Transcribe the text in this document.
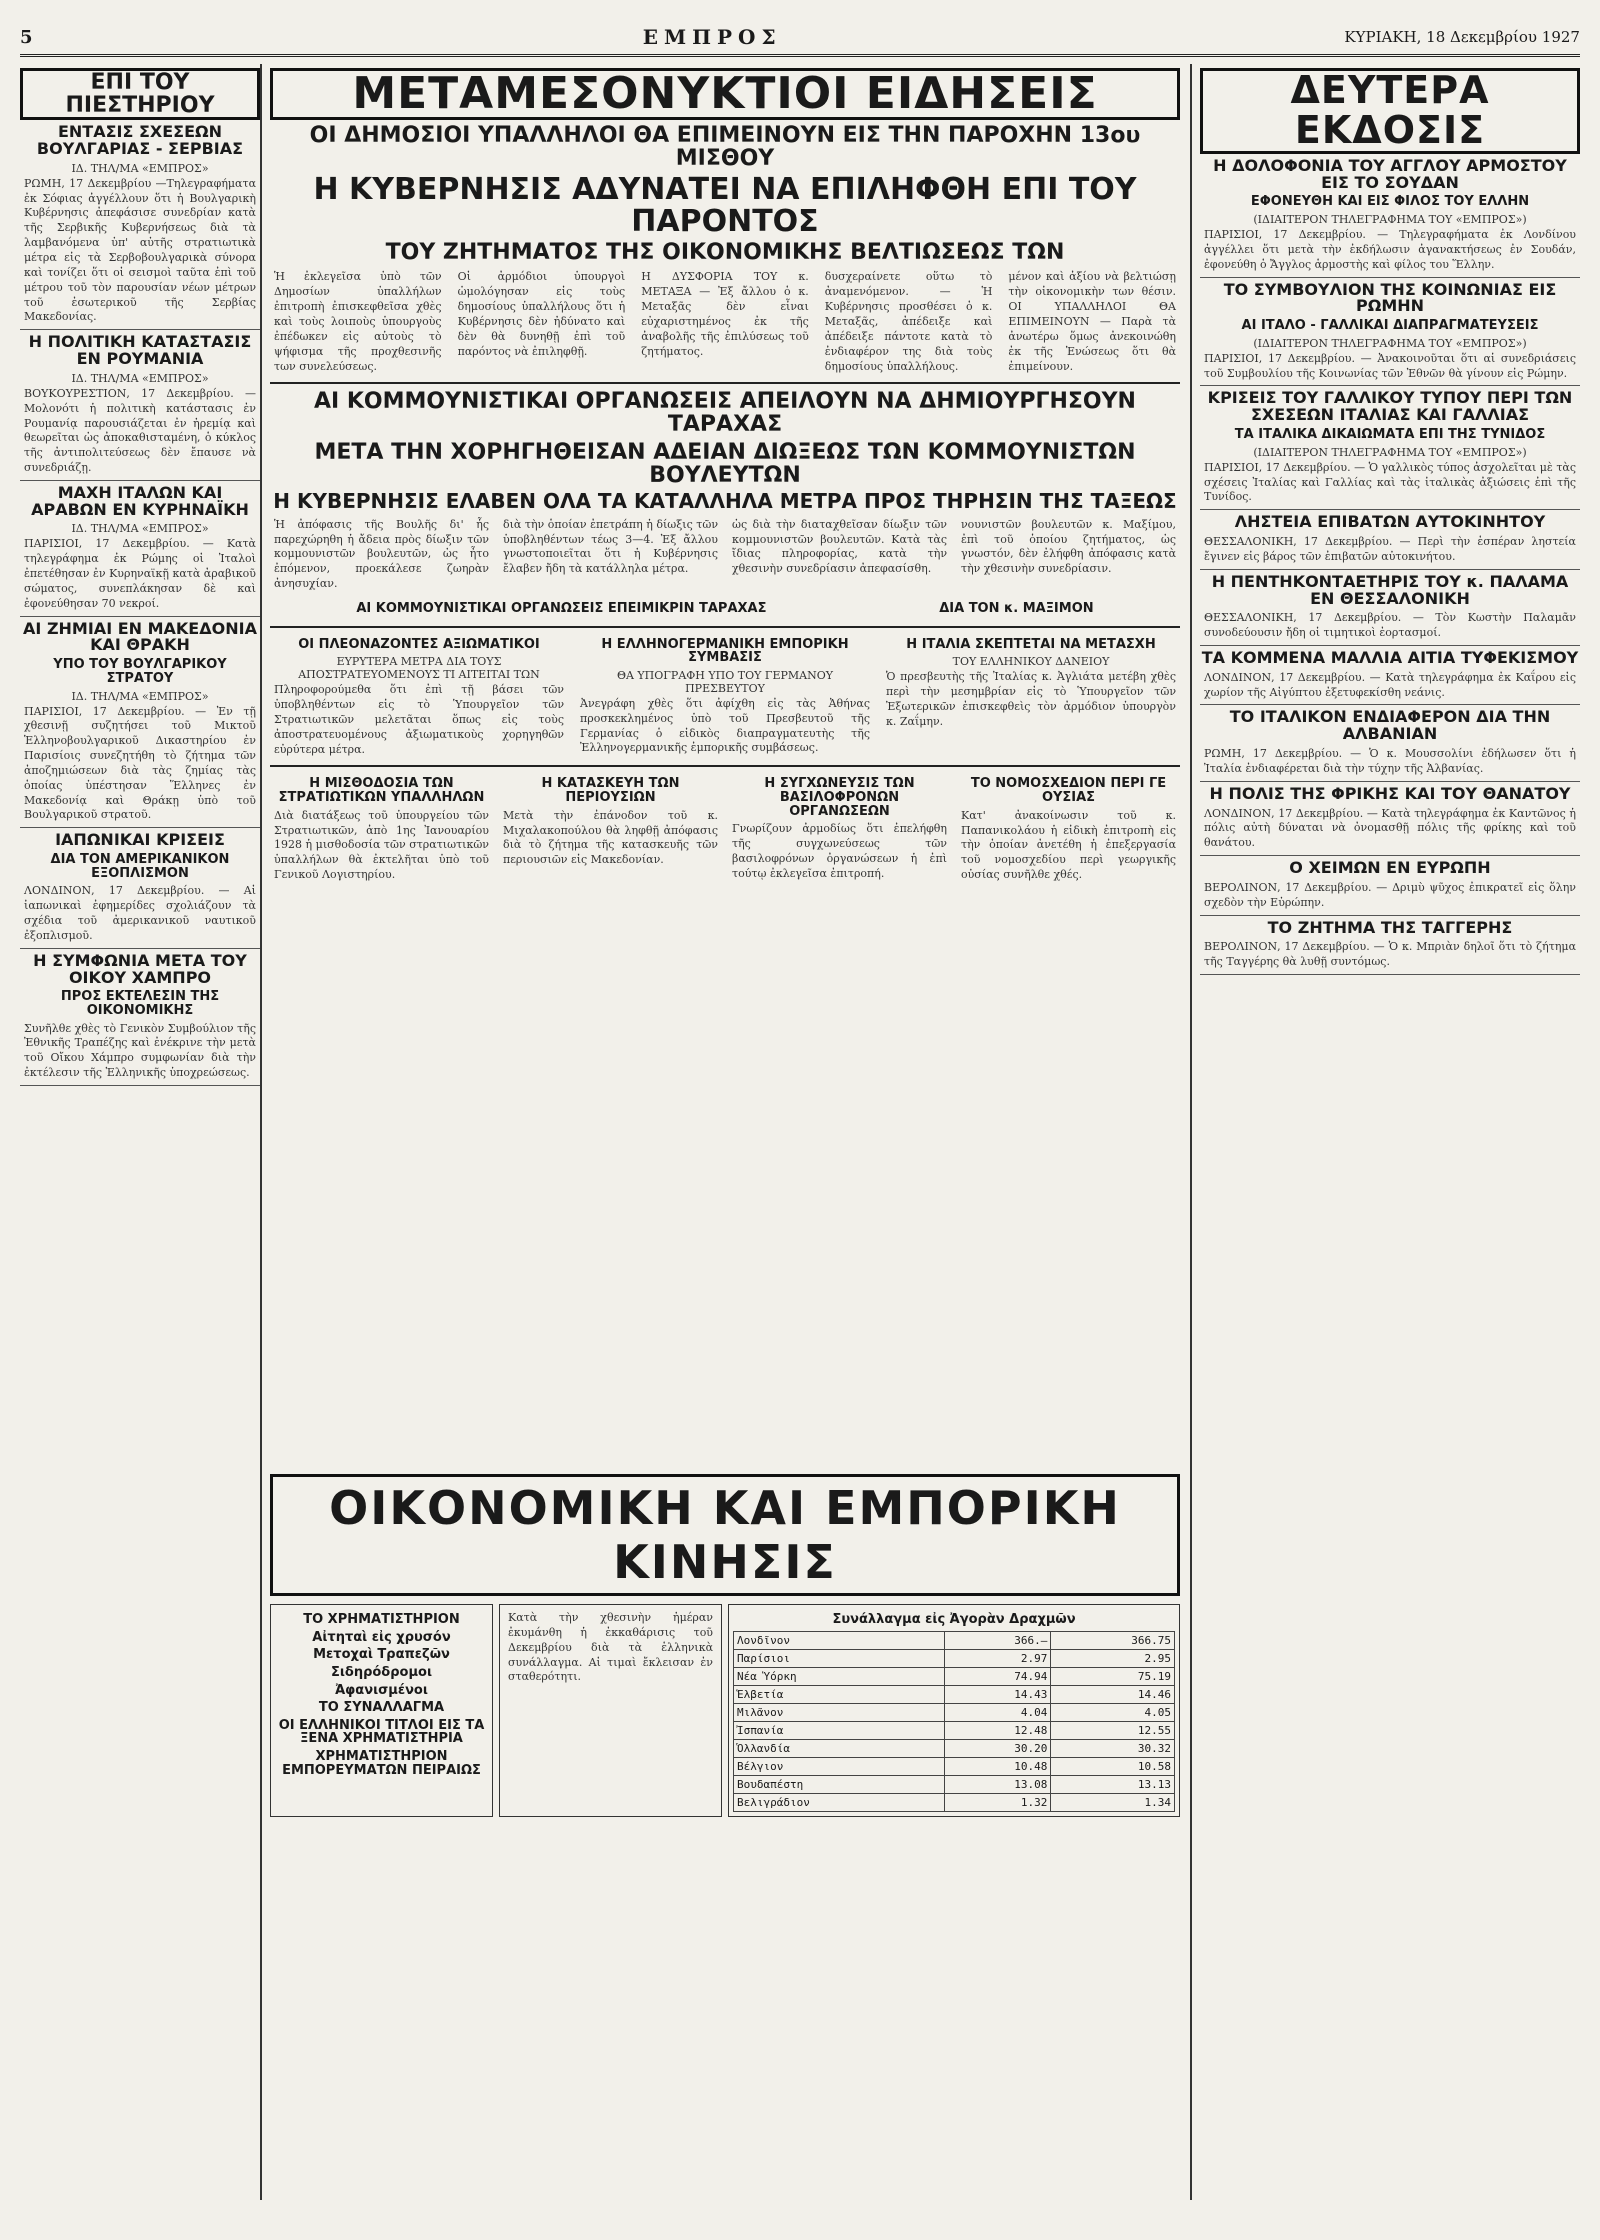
5	ΕΜΠΡΟΣ	ΚΥΡΙΑΚΗ, 18 Δεκεμβρίου 1927
ΕΠΙ ΤΟΥ ΠΙΕΣΤΗΡΙΟΥ
ΕΝΤΑΣΙΣ ΣΧΕΣΕΩΝ ΒΟΥΛΓΑΡΙΑΣ - ΣΕΡΒΙΑΣ
ΙΔ. ΤΗΛ/ΜΑ «ΕΜΠΡΟΣ»
ΡΩΜΗ, 17 Δεκεμβρίου —Τηλεγραφήματα ἐκ Σόφιας ἀγγέλλουν ὅτι ἡ Βουλγαρικὴ Κυβέρνησις ἀπεφάσισε συνεδρίαν κατὰ τῆς Σερβικῆς Κυβερνήσεως διὰ τὰ λαμβανόμενα ὑπ' αὐτῆς στρατιωτικὰ μέτρα εἰς τὰ Σερβοβουλγαρικὰ σύνορα καὶ τονίζει ὅτι οἱ σεισμοὶ ταῦτα ἐπὶ τοῦ μέτρου τοῦ τὸν παρουσίαν νέων μέτρων τοῦ ἐσωτερικοῦ τῆς Σερβίας Μακεδονίας.
Η ΠΟΛΙΤΙΚΗ ΚΑΤΑΣΤΑΣΙΣ ΕΝ ΡΟΥΜΑΝΙΑ
ΙΔ. ΤΗΛ/ΜΑ «ΕΜΠΡΟΣ»
ΒΟΥΚΟΥΡΕΣΤΙΟΝ, 17 Δεκεμβρίου. — Μολονότι ἡ πολιτικὴ κατάστασις ἐν Ρουμανίᾳ παρουσιάζεται ἐν ἡρεμίᾳ καὶ θεωρεῖται ὡς ἀποκαθισταμένη, ὁ κύκλος τῆς ἀντιπολιτεύσεως δὲν ἔπαυσε νὰ συνεδριάζῃ.
ΜΑΧΗ ΙΤΑΛΩΝ ΚΑΙ ΑΡΑΒΩΝ ΕΝ ΚΥΡΗΝΑΪΚΗ
ΙΔ. ΤΗΛ/ΜΑ «ΕΜΠΡΟΣ»
ΠΑΡΙΣΙΟΙ, 17 Δεκεμβρίου. — Κατὰ τηλεγράφημα ἐκ Ρώμης οἱ Ἰταλοὶ ἐπετέθησαν ἐν Κυρηναϊκῇ κατὰ ἀραβικοῦ σώματος, συνεπλάκησαν δὲ καὶ ἐφονεύθησαν 70 νεκροί.
ΑΙ ΖΗΜΙΑΙ ΕΝ ΜΑΚΕΔΟΝΙΑ ΚΑΙ ΘΡΑΚΗ
ΥΠΟ ΤΟΥ ΒΟΥΛΓΑΡΙΚΟΥ ΣΤΡΑΤΟΥ
ΙΔ. ΤΗΛ/ΜΑ «ΕΜΠΡΟΣ»
ΠΑΡΙΣΙΟΙ, 17 Δεκεμβρίου. — Ἐν τῇ χθεσινῇ συζητήσει τοῦ Μικτοῦ Ἑλληνοβουλγαρικοῦ Δικαστηρίου ἐν Παρισίοις συνεζητήθη τὸ ζήτημα τῶν ἀποζημιώσεων διὰ τὰς ζημίας τὰς ὁποίας ὑπέστησαν Ἕλληνες ἐν Μακεδονίᾳ καὶ Θράκῃ ὑπὸ τοῦ Βουλγαρικοῦ στρατοῦ.
ΙΑΠΩΝΙΚΑΙ ΚΡΙΣΕΙΣ
ΔΙΑ ΤΟΝ ΑΜΕΡΙΚΑΝΙΚΟΝ ΕΞΟΠΛΙΣΜΟΝ
ΛΟΝΔΙΝΟΝ, 17 Δεκεμβρίου. — Αἱ ἰαπωνικαὶ ἐφημερίδες σχολιάζουν τὰ σχέδια τοῦ ἀμερικανικοῦ ναυτικοῦ ἐξοπλισμοῦ.
Η ΣΥΜΦΩΝΙΑ ΜΕΤΑ ΤΟΥ ΟΙΚΟΥ ΧΑΜΠΡΟ
ΠΡΟΣ ΕΚΤΕΛΕΣΙΝ ΤΗΣ ΟΙΚΟΝΟΜΙΚΗΣ
Συνῆλθε χθὲς τὸ Γενικὸν Συμβούλιον τῆς Ἐθνικῆς Τραπέζης καὶ ἐνέκρινε τὴν μετὰ τοῦ Οἴκου Χάμπρο συμφωνίαν διὰ τὴν ἐκτέλεσιν τῆς Ἑλληνικῆς ὑποχρεώσεως.
ΜΕΤΑΜΕΣΟΝΥΚΤΙΟΙ ΕΙΔΗΣΕΙΣ
ΟΙ ΔΗΜΟΣΙΟΙ ΥΠΑΛΛΗΛΟΙ ΘΑ ΕΠΙΜΕΙΝΟΥΝ ΕΙΣ ΤΗΝ ΠΑΡΟΧΗΝ 13ου ΜΙΣΘΟΥ
Η ΚΥΒΕΡΝΗΣΙΣ ΑΔΥΝΑΤΕΙ ΝΑ ΕΠΙΛΗΦΘΗ ΕΠΙ ΤΟΥ ΠΑΡΟΝΤΟΣ
ΤΟΥ ΖΗΤΗΜΑΤΟΣ ΤΗΣ ΟΙΚΟΝΟΜΙΚΗΣ ΒΕΛΤΙΩΣΕΩΣ ΤΩΝ
Ἡ ἐκλεγεῖσα ὑπὸ τῶν Δημοσίων ὑπαλλήλων ἐπιτροπὴ ἐπισκεφθεῖσα χθὲς καὶ τοὺς λοιποὺς ὑπουργοὺς ἐπέδωκεν εἰς αὐτοὺς τὸ ψήφισμα τῆς προχθεσινῆς των συνελεύσεως.
Οἱ ἀρμόδιοι ὑπουργοὶ ὡμολόγησαν εἰς τοὺς δημοσίους ὑπαλλήλους ὅτι ἡ Κυβέρνησις δὲν ἠδύνατο καὶ δὲν θὰ δυνηθῇ ἐπὶ τοῦ παρόντος νὰ ἐπιληφθῇ.
Η ΔΥΣΦΟΡΙΑ ΤΟΥ κ. ΜΕΤΑΞΑ — Ἐξ ἄλλου ὁ κ. Μεταξᾶς δὲν εἶναι εὐχαριστημένος ἐκ τῆς ἀναβολῆς τῆς ἐπιλύσεως τοῦ ζητήματος.
δυσχεραίνετε οὕτω τὸ ἀναμενόμενον. — Ἡ Κυβέρνησις προσθέσει ὁ κ. Μεταξᾶς, ἀπέδειξε καὶ ἀπέδειξε πάντοτε κατὰ τὸ ἐνδιαφέρον της διὰ τοὺς δημοσίους ὑπαλλήλους.
μένον καὶ ἀξίου νὰ βελτιώσῃ τὴν οἰκονομικὴν των θέσιν. ΟΙ ΥΠΑΛΛΗΛΟΙ ΘΑ ΕΠΙΜΕΙΝΟΥΝ — Παρὰ τὰ ἀνωτέρω ὅμως ἀνεκοινώθη ἐκ τῆς Ἑνώσεως ὅτι θὰ ἐπιμείνουν.
ΑΙ ΚΟΜΜΟΥΝΙΣΤΙΚΑΙ ΟΡΓΑΝΩΣΕΙΣ ΑΠΕΙΛΟΥΝ ΝΑ ΔΗΜΙΟΥΡΓΗΣΟΥΝ ΤΑΡΑΧΑΣ
ΜΕΤΑ ΤΗΝ ΧΟΡΗΓΗΘΕΙΣΑΝ ΑΔΕΙΑΝ ΔΙΩΞΕΩΣ ΤΩΝ ΚΟΜΜΟΥΝΙΣΤΩΝ ΒΟΥΛΕΥΤΩΝ
Η ΚΥΒΕΡΝΗΣΙΣ ΕΛΑΒΕΝ ΟΛΑ ΤΑ ΚΑΤΑΛΛΗΛΑ ΜΕΤΡΑ ΠΡΟΣ ΤΗΡΗΣΙΝ ΤΗΣ ΤΑΞΕΩΣ
Ἡ ἀπόφασις τῆς Βουλῆς δι' ἧς παρεχώρηθη ἡ ἄδεια πρὸς δίωξιν τῶν κομμουνιστῶν βουλευτῶν, ὡς ἦτο ἐπόμενον, προεκάλεσε ζωηρὰν ἀνησυχίαν.
διὰ τὴν ὁποίαν ἐπετράπη ἡ δίωξις τῶν ὑποβληθέντων τέως 3—4. Ἐξ ἄλλου γνωστοποιεῖται ὅτι ἡ Κυβέρνησις ἔλαβεν ἤδη τὰ κατάλληλα μέτρα.
ὡς διὰ τὴν διαταχθεῖσαν δίωξιν τῶν κομμουνιστῶν βουλευτῶν. Κατὰ τὰς ἴδιας πληροφορίας, κατὰ τὴν χθεσινὴν συνεδρίασιν ἀπεφασίσθη.
νουνιστῶν βουλευτῶν κ. Μαξίμου, ἐπὶ τοῦ ὁποίου ζητήματος, ὡς γνωστόν, δὲν ἐλήφθη ἀπόφασις κατὰ τὴν χθεσινὴν συνεδρίασιν.
ΑΙ ΚΟΜΜΟΥΝΙΣΤΙΚΑΙ ΟΡΓΑΝΩΣΕΙΣ ΕΠΕΙΜΙΚΡΙΝ ΤΑΡΑΧΑΣ	ΔΙΑ ΤΟΝ κ. ΜΑΞΙΜΟΝ
ΟΙ ΠΛΕΟΝΑΖΟΝΤΕΣ ΑΞΙΩΜΑΤΙΚΟΙ
ΕΥΡΥΤΕΡΑ ΜΕΤΡΑ ΔΙΑ ΤΟΥΣ ΑΠΟΣΤΡΑΤΕΥΟΜΕΝΟΥΣ ΤΙ ΑΙΤΕΙΤΑΙ ΤΩΝ
Πληροφορούμεθα ὅτι ἐπὶ τῇ βάσει τῶν ὑποβληθέντων εἰς τὸ Ὑπουργεῖον τῶν Στρατιωτικῶν μελετᾶται ὅπως εἰς τοὺς ἀποστρατευομένους ἀξιωματικοὺς χορηγηθῶν εὐρύτερα μέτρα.
Η ΕΛΛΗΝΟΓΕΡΜΑΝΙΚΗ ΕΜΠΟΡΙΚΗ ΣΥΜΒΑΣΙΣ
ΘΑ ΥΠΟΓΡΑΦΗ ΥΠΟ ΤΟΥ ΓΕΡΜΑΝΟΥ ΠΡΕΣΒΕΥΤΟΥ
Ἀνεγράφη χθὲς ὅτι ἀφίχθη εἰς τὰς Ἀθήνας προσκεκλημένος ὑπὸ τοῦ Πρεσβευτοῦ τῆς Γερμανίας ὁ εἰδικὸς διαπραγματευτὴς τῆς Ἐλληνογερμανικῆς ἐμπορικῆς συμβάσεως.
Η ΙΤΑΛΙΑ ΣΚΕΠΤΕΤΑΙ ΝΑ ΜΕΤΑΣΧΗ
ΤΟΥ ΕΛΛΗΝΙΚΟΥ ΔΑΝΕΙΟΥ
Ὁ πρεσβευτὴς τῆς Ἰταλίας κ. Ἀγλιάτα μετέβη χθὲς περὶ τὴν μεσημβρίαν εἰς τὸ Ὑπουργεῖον τῶν Ἐξωτερικῶν ἐπισκεφθεὶς τὸν ἀρμόδιον ὑπουργὸν κ. Ζαΐμην.
Η ΜΙΣΘΟΔΟΣΙΑ ΤΩΝ ΣΤΡΑΤΙΩΤΙΚΩΝ ΥΠΑΛΛΗΛΩΝ
Διὰ διατάξεως τοῦ ὑπουργείου τῶν Στρατιωτικῶν, ἀπὸ 1ης Ἰανουαρίου 1928 ἡ μισθοδοσία τῶν στρατιωτικῶν ὑπαλλήλων θὰ ἐκτελῆται ὑπὸ τοῦ Γενικοῦ Λογιστηρίου.
Η ΚΑΤΑΣΚΕΥΗ ΤΩΝ ΠΕΡΙΟΥΣΙΩΝ
Μετὰ τὴν ἐπάνοδον τοῦ κ. Μιχαλακοπούλου θὰ ληφθῇ ἀπόφασις διὰ τὸ ζήτημα τῆς κατασκευῆς τῶν περιουσιῶν εἰς Μακεδονίαν.
Η ΣΥΓΧΩΝΕΥΣΙΣ ΤΩΝ ΒΑΣΙΛΟΦΡΟΝΩΝ ΟΡΓΑΝΩΣΕΩΝ
Γνωρίζουν ἀρμοδίως ὅτι ἐπελήφθη τῆς συγχωνεύσεως τῶν βασιλοφρόνων ὀργανώσεων ἡ ἐπὶ τούτῳ ἐκλεγεῖσα ἐπιτροπή.
ΤΟ ΝΟΜΟΣΧΕΔΙΟΝ ΠΕΡΙ ΓΕ ΟΥΣΙΑΣ
Κατ' ἀνακοίνωσιν τοῦ κ. Παπανικολάου ἡ εἰδικὴ ἐπιτροπὴ εἰς τὴν ὁποίαν ἀνετέθη ἡ ἐπεξεργασία τοῦ νομοσχεδίου περὶ γεωργικῆς οὐσίας συνῆλθε χθές.
ΟΙΚΟΝΟΜΙΚΗ ΚΑΙ ΕΜΠΟΡΙΚΗ ΚΙΝΗΣΙΣ
ΤΟ ΧΡΗΜΑΤΙΣΤΗΡΙΟΝ
Αἰτηταὶ εἰς χρυσόν
Μετοχαὶ Τραπεζῶν
Σιδηρόδρομοι
Ἀφανισμένοι
ΤΟ ΣΥΝΑΛΛΑΓΜΑ
ΟΙ ΕΛΛΗΝΙΚΟΙ ΤΙΤΛΟΙ ΕΙΣ ΤΑ ΞΕΝΑ ΧΡΗΜΑΤΙΣΤΗΡΙΑ
ΧΡΗΜΑΤΙΣΤΗΡΙΟΝ ΕΜΠΟΡΕΥΜΑΤΩΝ ΠΕΙΡΑΙΩΣ
Κατὰ τὴν χθεσινὴν ἡμέραν ἐκυμάνθη ἡ ἐκκαθάρισις τοῦ Δεκεμβρίου διὰ τὰ ἑλληνικὰ συνάλλαγμα. Αἱ τιμαὶ ἔκλεισαν ἐν σταθερότητι.
Συνάλλαγμα εἰς Ἀγορὰν Δραχμῶν
Λονδῖνον	366.—	366.75
Παρίσιοι	2.97	2.95
Νέα Ὑόρκη	74.94	75.19
Ἑλβετία	14.43	14.46
Μιλᾶνον	4.04	4.05
Ἰσπανία	12.48	12.55
Ὁλλανδία	30.20	30.32
Βέλγιον	10.48	10.58
Βουδαπέστη	13.08	13.13
Βελιγράδιον	1.32	1.34
ΔΕΥΤΕΡΑ ΕΚΔΟΣΙΣ
Η ΔΟΛΟΦΟΝΙΑ ΤΟΥ ΑΓΓΛΟΥ ΑΡΜΟΣΤΟΥ ΕΙΣ ΤΟ ΣΟΥΔΑΝ
ΕΦΟΝΕΥΘΗ ΚΑΙ ΕΙΣ ΦΙΛΟΣ ΤΟΥ ΕΛΛΗΝ
(ΙΔΙΑΙΤΕΡΟΝ ΤΗΛΕΓΡΑΦΗΜΑ ΤΟΥ «ΕΜΠΡΟΣ»)
ΠΑΡΙΣΙΟΙ, 17 Δεκεμβρίου. — Τηλεγραφήματα ἐκ Λονδίνου ἀγγέλλει ὅτι μετὰ τὴν ἐκδήλωσιν ἀγανακτήσεως ἐν Σουδάν, ἐφονεύθη ὁ Ἄγγλος ἁρμοστὴς καὶ φίλος του Ἕλλην.
ΤΟ ΣΥΜΒΟΥΛΙΟΝ ΤΗΣ ΚΟΙΝΩΝΙΑΣ ΕΙΣ ΡΩΜΗΝ
ΑΙ ΙΤΑΛΟ - ΓΑΛΛΙΚΑΙ ΔΙΑΠΡΑΓΜΑΤΕΥΣΕΙΣ
(ΙΔΙΑΙΤΕΡΟΝ ΤΗΛΕΓΡΑΦΗΜΑ ΤΟΥ «ΕΜΠΡΟΣ»)
ΠΑΡΙΣΙΟΙ, 17 Δεκεμβρίου. — Ἀνακοινοῦται ὅτι αἱ συνεδριάσεις τοῦ Συμβουλίου τῆς Κοινωνίας τῶν Ἐθνῶν θὰ γίνουν εἰς Ρώμην.
ΚΡΙΣΕΙΣ ΤΟΥ ΓΑΛΛΙΚΟΥ ΤΥΠΟΥ ΠΕΡΙ ΤΩΝ ΣΧΕΣΕΩΝ ΙΤΑΛΙΑΣ ΚΑΙ ΓΑΛΛΙΑΣ
ΤΑ ΙΤΑΛΙΚΑ ΔΙΚΑΙΩΜΑΤΑ ΕΠΙ ΤΗΣ ΤΥΝΙΔΟΣ
(ΙΔΙΑΙΤΕΡΟΝ ΤΗΛΕΓΡΑΦΗΜΑ ΤΟΥ «ΕΜΠΡΟΣ»)
ΠΑΡΙΣΙΟΙ, 17 Δεκεμβρίου. — Ὁ γαλλικὸς τύπος ἀσχολεῖται μὲ τὰς σχέσεις Ἰταλίας καὶ Γαλλίας καὶ τὰς ἰταλικὰς ἀξιώσεις ἐπὶ τῆς Τυνίδος.
ΛΗΣΤΕΙΑ ΕΠΙΒΑΤΩΝ ΑΥΤΟΚΙΝΗΤΟΥ
ΘΕΣΣΑΛΟΝΙΚΗ, 17 Δεκεμβρίου. — Περὶ τὴν ἑσπέραν ληστεία ἔγινεν εἰς βάρος τῶν ἐπιβατῶν αὐτοκινήτου.
Η ΠΕΝΤΗΚΟΝΤΑΕΤΗΡΙΣ ΤΟΥ κ. ΠΑΛΑΜΑ ΕΝ ΘΕΣΣΑΛΟΝΙΚΗ
ΘΕΣΣΑΛΟΝΙΚΗ, 17 Δεκεμβρίου. — Τὸν Κωστὴν Παλαμᾶν συνοδεύουσιν ἤδη οἱ τιμητικοὶ ἐορτασμοί.
ΤΑ ΚΟΜΜΕΝΑ ΜΑΛΛΙΑ ΑΙΤΙΑ ΤΥΦΕΚΙΣΜΟΥ
ΛΟΝΔΙΝΟΝ, 17 Δεκεμβρίου. — Κατὰ τηλεγράφημα ἐκ Καΐρου εἰς χωρίον τῆς Αἰγύπτου ἐξετυφεκίσθη νεάνις.
ΤΟ ΙΤΑΛΙΚΟΝ ΕΝΔΙΑΦΕΡΟΝ ΔΙΑ ΤΗΝ ΑΛΒΑΝΙΑΝ
ΡΩΜΗ, 17 Δεκεμβρίου. — Ὁ κ. Μουσσολίνι ἐδήλωσεν ὅτι ἡ Ἰταλία ἐνδιαφέρεται διὰ τὴν τύχην τῆς Ἀλβανίας.
Η ΠΟΛΙΣ ΤΗΣ ΦΡΙΚΗΣ ΚΑΙ ΤΟΥ ΘΑΝΑΤΟΥ
ΛΟΝΔΙΝΟΝ, 17 Δεκεμβρίου. — Κατὰ τηλεγράφημα ἐκ Καντῶνος ἡ πόλις αὐτὴ δύναται νὰ ὀνομασθῇ πόλις τῆς φρίκης καὶ τοῦ θανάτου.
Ο ΧΕΙΜΩΝ ΕΝ ΕΥΡΩΠΗ
ΒΕΡΟΛΙΝΟΝ, 17 Δεκεμβρίου. — Δριμὺ ψῦχος ἐπικρατεῖ εἰς ὅλην σχεδὸν τὴν Εὐρώπην.
ΤΟ ΖΗΤΗΜΑ ΤΗΣ ΤΑΓΓΕΡΗΣ
ΒΕΡΟΛΙΝΟΝ, 17 Δεκεμβρίου. — Ὁ κ. Μπριὰν δηλοῖ ὅτι τὸ ζήτημα τῆς Ταγγέρης θὰ λυθῇ συντόμως.
